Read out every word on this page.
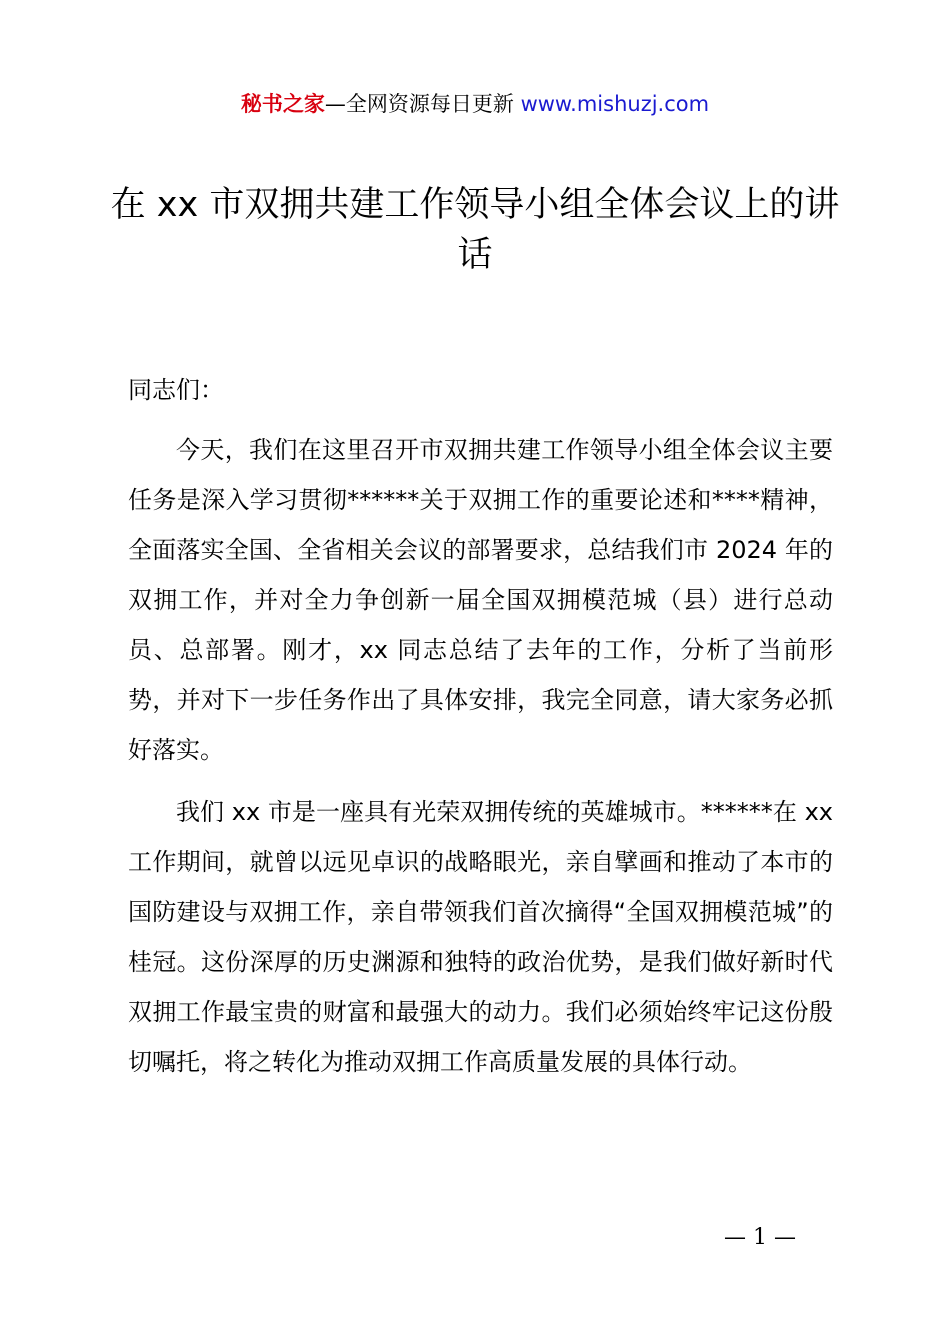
秘书之家—全网资源每日更新 www.mishuzj.com
在 xx 市双拥共建工作领导小组全体会议上的讲话

同志们：

今天，我们在这里召开市双拥共建工作领导小组全体会议主要任务是深入学习贯彻******关于双拥工作的重要论述和****精神，全面落实全国、全省相关会议的部署要求，总结我们市 2024 年的双拥工作，并对全力争创新一届全国双拥模范城（县）进行总动员、总部署。刚才，xx 同志总结了去年的工作，分析了当前形势，并对下一步任务作出了具体安排，我完全同意，请大家务必抓好落实。

我们 xx 市是一座具有光荣双拥传统的英雄城市。******在 xx 工作期间，就曾以远见卓识的战略眼光，亲自擘画和推动了本市的国防建设与双拥工作，亲自带领我们首次摘得“全国双拥模范城”的桂冠。这份深厚的历史渊源和独特的政治优势，是我们做好新时代双拥工作最宝贵的财富和最强大的动力。我们必须始终牢记这份殷切嘱托，将之转化为推动双拥工作高质量发展的具体行动。

— 1 —
